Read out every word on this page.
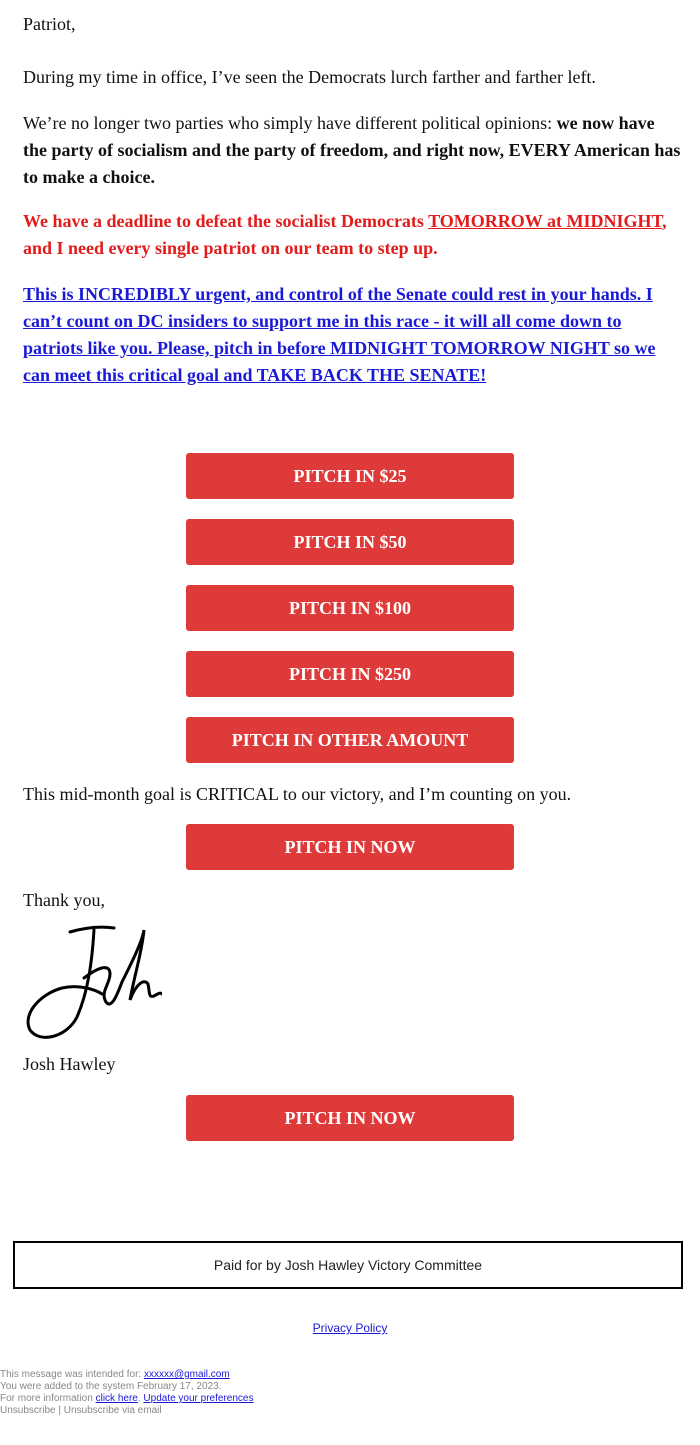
Patriot,

During my time in office, I’ve seen the Democrats lurch farther and farther left.

We’re no longer two parties who simply have different political opinions: we now have the party of socialism and the party of freedom, and right now, EVERY American has to make a choice.

We have a deadline to defeat the socialist Democrats TOMORROW at MIDNIGHT, and I need every single patriot on our team to step up.

This is INCREDIBLY urgent, and control of the Senate could rest in your hands. I can’t count on DC insiders to support me in this race - it will all come down to patriots like you. Please, pitch in before MIDNIGHT TOMORROW NIGHT so we can meet this critical goal and TAKE BACK THE SENATE!

This mid-month goal is CRITICAL to our victory, and I’m counting on you.

Thank you,

Josh Hawley

PITCH IN $25
PITCH IN $50
PITCH IN $100
PITCH IN $250
PITCH IN OTHER AMOUNT
PITCH IN NOW
PITCH IN NOW
Paid for by Josh Hawley Victory Committee
Privacy Policy
This message was intended for: xxxxxx@gmail.com
You were added to the system February 17, 2023.
For more information click here. Update your preferences
Unsubscribe | Unsubscribe via email
